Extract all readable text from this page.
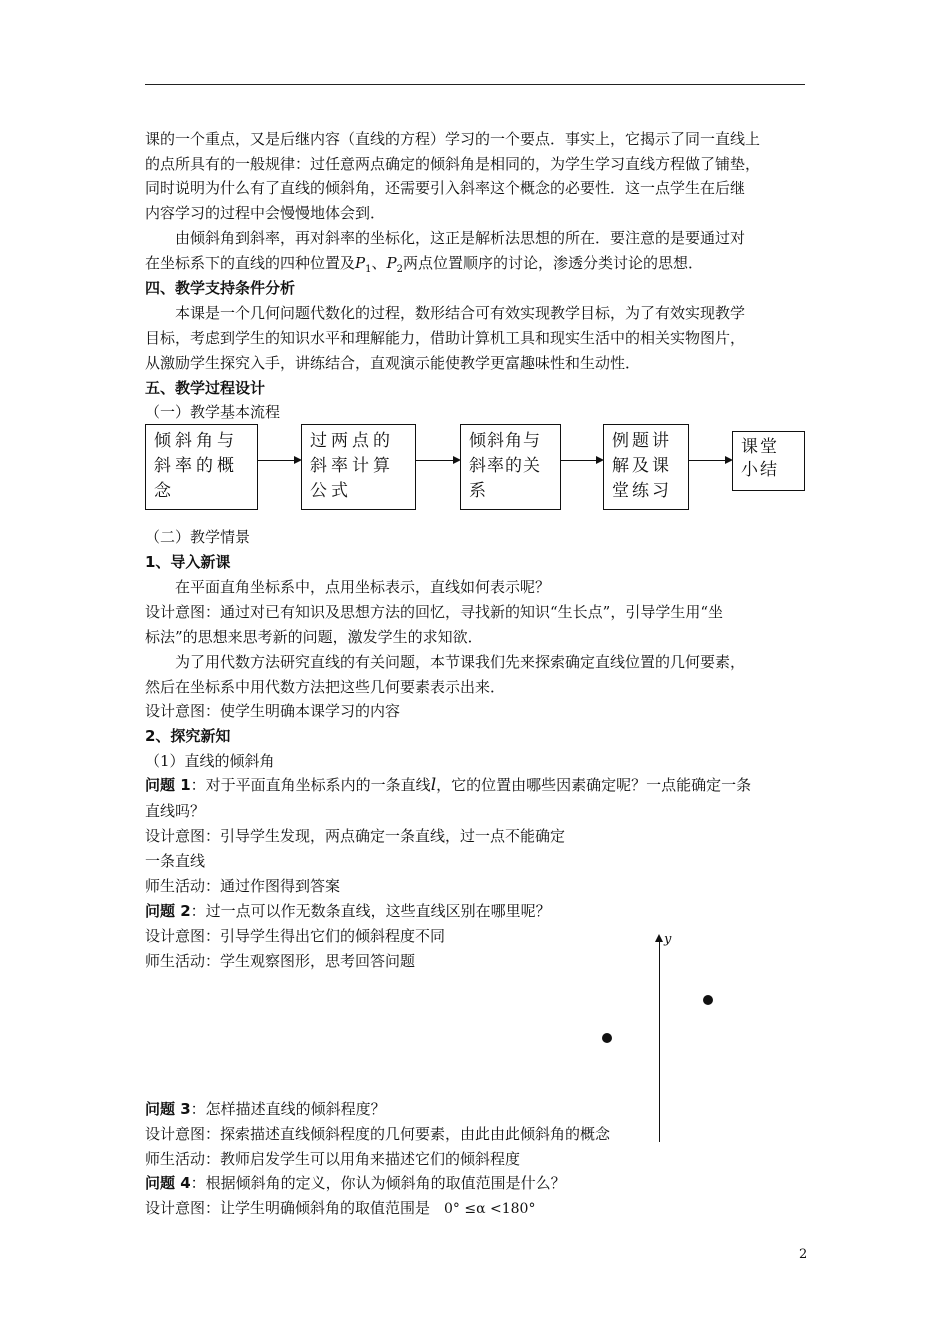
课的一个重点，又是后继内容（直线的方程）学习的一个要点．事实上，它揭示了同一直线上
的点所具有的一般规律：过任意两点确定的倾斜角是相同的，为学生学习直线方程做了铺垫，
同时说明为什么有了直线的倾斜角，还需要引入斜率这个概念的必要性．这一点学生在后继
内容学习的过程中会慢慢地体会到．
由倾斜角到斜率，再对斜率的坐标化，这正是解析法思想的所在．要注意的是要通过对
在坐标系下的直线的四种位置及$P_1$、$P_2$两点位置顺序的讨论，渗透分类讨论的思想．
四、教学支持条件分析
本课是一个几何问题代数化的过程，数形结合可有效实现教学目标，为了有效实现教学
目标，考虑到学生的知识水平和理解能力，借助计算机工具和现实生活中的相关实物图片，
从激励学生探究入手，讲练结合，直观演示能使教学更富趣味性和生动性．
五、教学过程设计
（一）教学基本流程
倾斜角与斜率的概念
过两点的斜率计算公式
倾斜角与斜率的关系
例题讲解及课堂练习
课堂小结
（二）教学情景
1、导入新课
在平面直角坐标系中，点用坐标表示，直线如何表示呢？
设计意图：通过对已有知识及思想方法的回忆，寻找新的知识“生长点”，引导学生用“坐
标法”的思想来思考新的问题，激发学生的求知欲．
为了用代数方法研究直线的有关问题，本节课我们先来探索确定直线位置的几何要素，
然后在坐标系中用代数方法把这些几何要素表示出来．
设计意图：使学生明确本课学习的内容
2、探究新知
（1）直线的倾斜角
问题 1：对于平面直角坐标系内的一条直线l，它的位置由哪些因素确定呢？一点能确定一条
直线吗？
设计意图：引导学生发现，两点确定一条直线，过一点不能确定
一条直线
师生活动：通过作图得到答案
问题 2：过一点可以作无数条直线，这些直线区别在哪里呢？
设计意图：引导学生得出它们的倾斜程度不同
师生活动：学生观察图形，思考回答问题
y
问题 3：怎样描述直线的倾斜程度？
设计意图：探索描述直线倾斜程度的几何要素，由此由此倾斜角的概念
师生活动：教师启发学生可以用角来描述它们的倾斜程度
问题 4：根据倾斜角的定义，你认为倾斜角的取值范围是什么？
设计意图：让学生明确倾斜角的取值范围是 0° ≤α <180°
2
